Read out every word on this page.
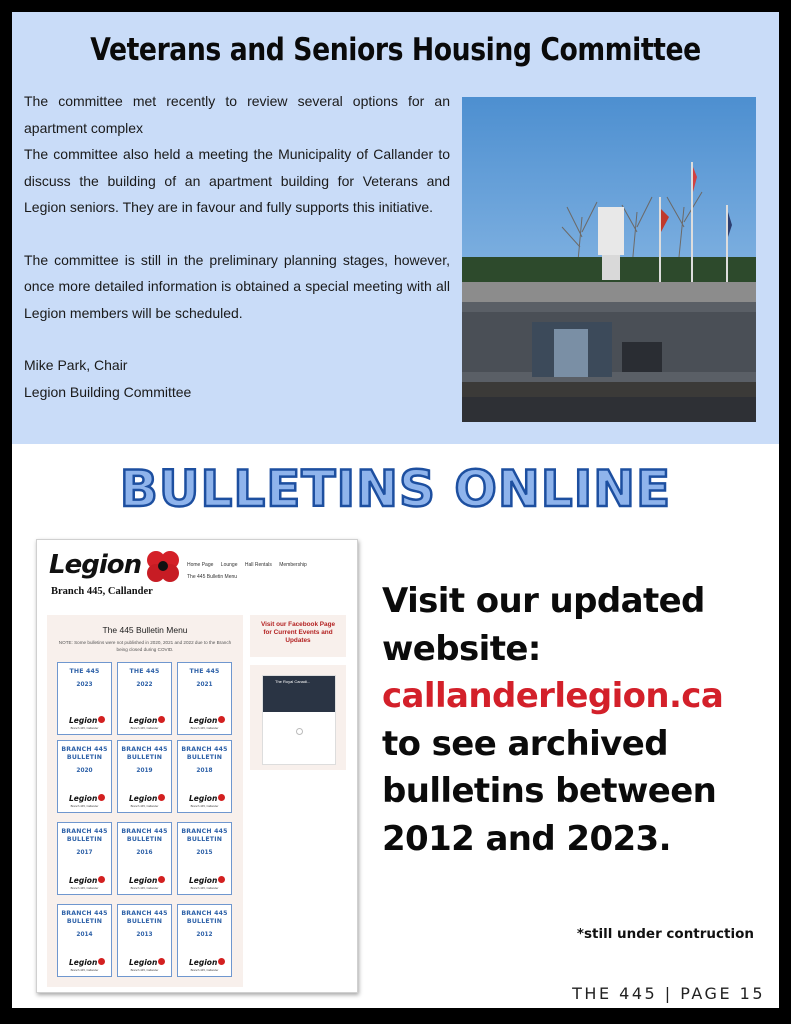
Veterans and Seniors Housing Committee

The committee met recently to review several options for an apartment complex

The committee also held a meeting the Municipality of Callander to discuss the building of an apartment building for Veterans and Legion seniors. They are in favour and fully supports this initiative.

The committee is still in the preliminary planning stages, however, once more detailed information is obtained a special meeting with all Legion members will be scheduled.

Mike Park, Chair

Legion Building Committee

BULLETINS ONLINE
Legion
Branch 445, Callander
Home Page Lounge Hall Rentals Membership
The 445 Bulletin Menu
The 445 Bulletin Menu
NOTE: Some bulletins were not published in 2020, 2021 and 2022 due to the Branch being closed during COVID.
THE 445
2023
Legion
Branch 445, Callander
THE 445
2022
Legion
Branch 445, Callander
THE 445
2021
Legion
Branch 445, Callander
BRANCH 445 BULLETIN
2020
Legion
Branch 445, Callander
BRANCH 445 BULLETIN
2019
Legion
Branch 445, Callander
BRANCH 445 BULLETIN
2018
Legion
Branch 445, Callander
BRANCH 445 BULLETIN
2017
Legion
Branch 445, Callander
BRANCH 445 BULLETIN
2016
Legion
Branch 445, Callander
BRANCH 445 BULLETIN
2015
Legion
Branch 445, Callander
BRANCH 445 BULLETIN
2014
Legion
Branch 445, Callander
BRANCH 445 BULLETIN
2013
Legion
Branch 445, Callander
BRANCH 445 BULLETIN
2012
Legion
Branch 445, Callander
Visit our Facebook Page for Current Events and Updates
The Royal Canadi...

Visit our updated
website:
callanderlegion.ca
to see archived
bulletins between
2012 and 2023.

*still under contruction
THE 445 | PAGE 15
